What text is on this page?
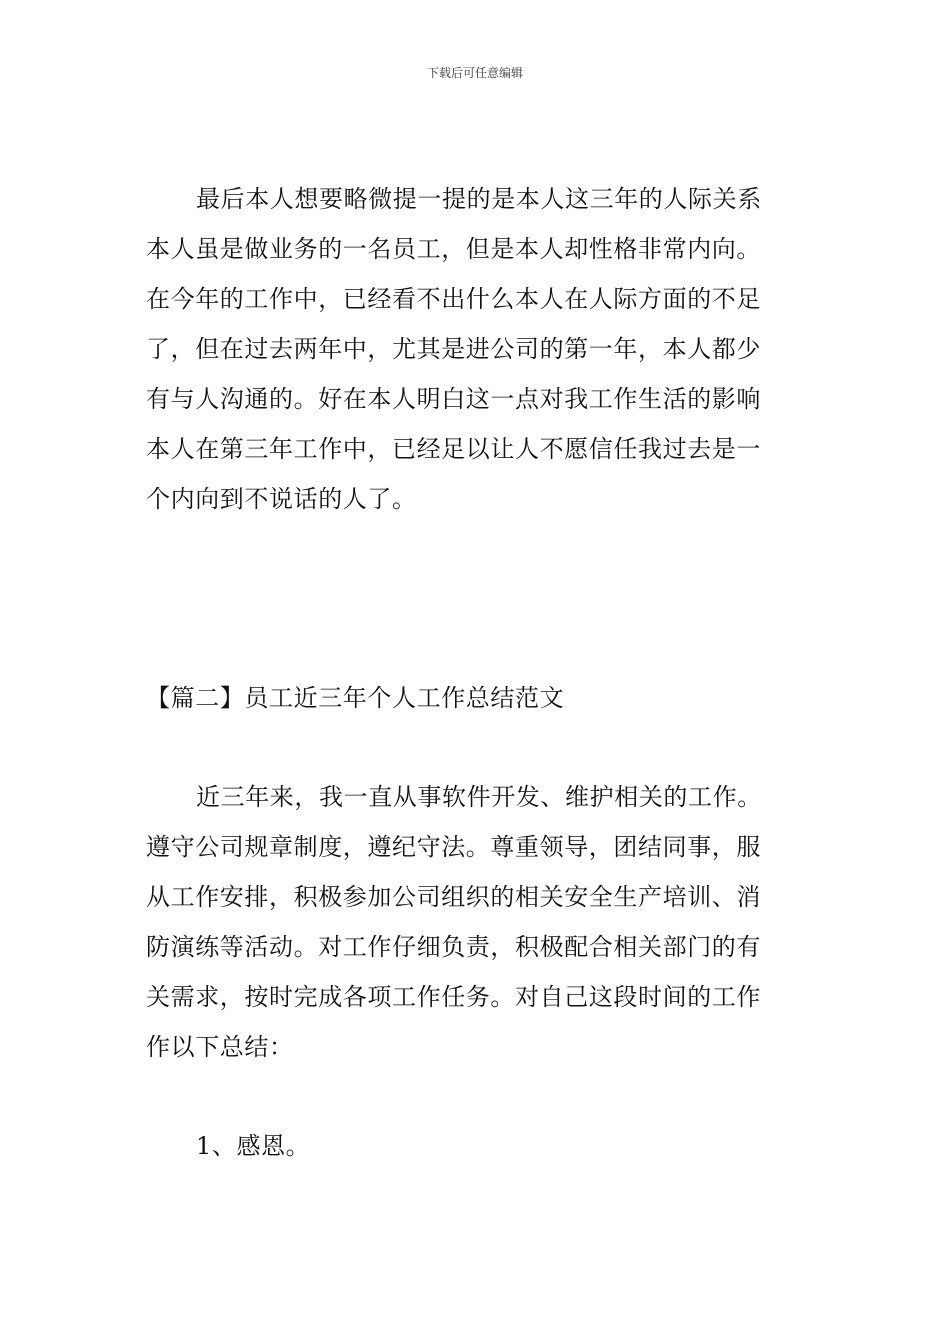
下载后可任意编辑
最后本人想要略微提一提的是本人这三年的人际关系
本人虽是做业务的一名员工，但是本人却性格非常内向。
在今年的工作中，已经看不出什么本人在人际方面的不足
了，但在过去两年中，尤其是进公司的第一年，本人都少
有与人沟通的。好在本人明白这一点对我工作生活的影响
本人在第三年工作中，已经足以让人不愿信任我过去是一
个内向到不说话的人了。
【篇二】员工近三年个人工作总结范文
近三年来，我一直从事软件开发、维护相关的工作。
遵守公司规章制度，遵纪守法。尊重领导，团结同事，服
从工作安排，积极参加公司组织的相关安全生产培训、消
防演练等活动。对工作仔细负责，积极配合相关部门的有
关需求，按时完成各项工作任务。对自己这段时间的工作
作以下总结：
1、感恩。
